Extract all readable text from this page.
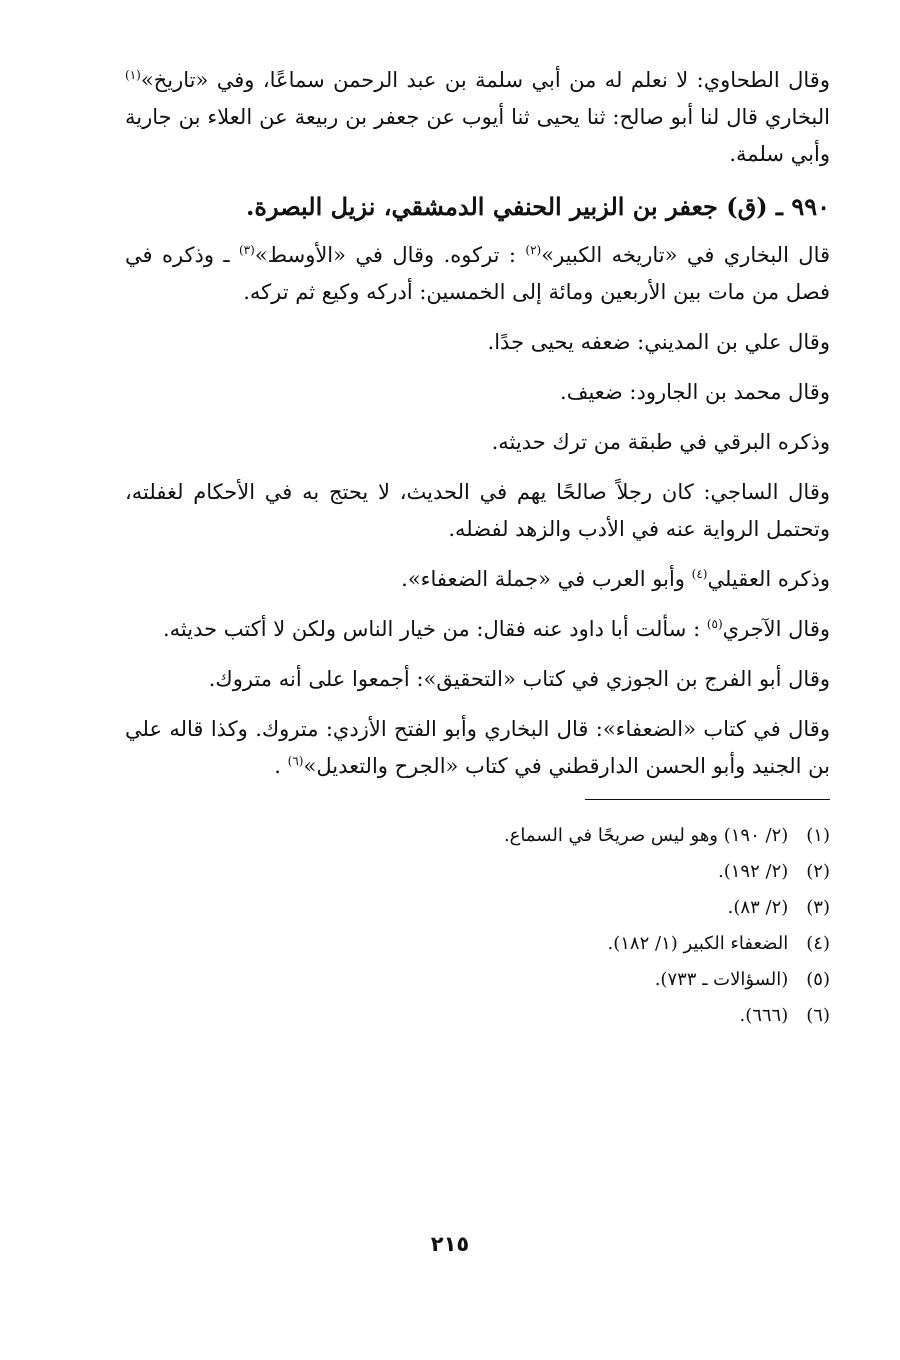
وقال الطحاوي: لا نعلم له من أبي سلمة بن عبد الرحمن سماعًا، وفي «تاريخ»$^{(١)}$ البخاري قال لنا أبو صالح: ثنا يحيى ثنا أيوب عن جعفر بن ربيعة عن العلاء بن جارية وأبي سلمة.

٩٩٠ ـ (ق) جعفر بن الزبير الحنفي الدمشقي، نزيل البصرة.

قال البخاري في «تاريخه الكبير»$^{(٢)}$ : تركوه. وقال في «الأوسط»$^{(٣)}$ ـ وذكره في فصل من مات بين الأربعين ومائة إلى الخمسين: أدركه وكيع ثم تركه.

وقال علي بن المديني: ضعفه يحيى جدًا.

وقال محمد بن الجارود: ضعيف.

وذكره البرقي في طبقة من ترك حديثه.

وقال الساجي: كان رجلاً صالحًا يهم في الحديث، لا يحتج به في الأحكام لغفلته، وتحتمل الرواية عنه في الأدب والزهد لفضله.

وذكره العقيلي$^{(٤)}$ وأبو العرب في «جملة الضعفاء».

وقال الآجري$^{(٥)}$ : سألت أبا داود عنه فقال: من خيار الناس ولكن لا أكتب حديثه.

وقال أبو الفرج بن الجوزي في كتاب «التحقيق»: أجمعوا على أنه متروك.

وقال في كتاب «الضعفاء»: قال البخاري وأبو الفتح الأزدي: متروك. وكذا قاله علي بن الجنيد وأبو الحسن الدارقطني في كتاب «الجرح والتعديل»$^{(٦)}$ .

(١) (٢/ ١٩٠) وهو ليس صريحًا في السماع.
(٢) (٢/ ١٩٢).
(٣) (٢/ ٨٣).
(٤) الضعفاء الكبير (١/ ١٨٢).
(٥) (السؤالات ـ ٧٣٣).
(٦) (٦٦٦).
٢١٥
